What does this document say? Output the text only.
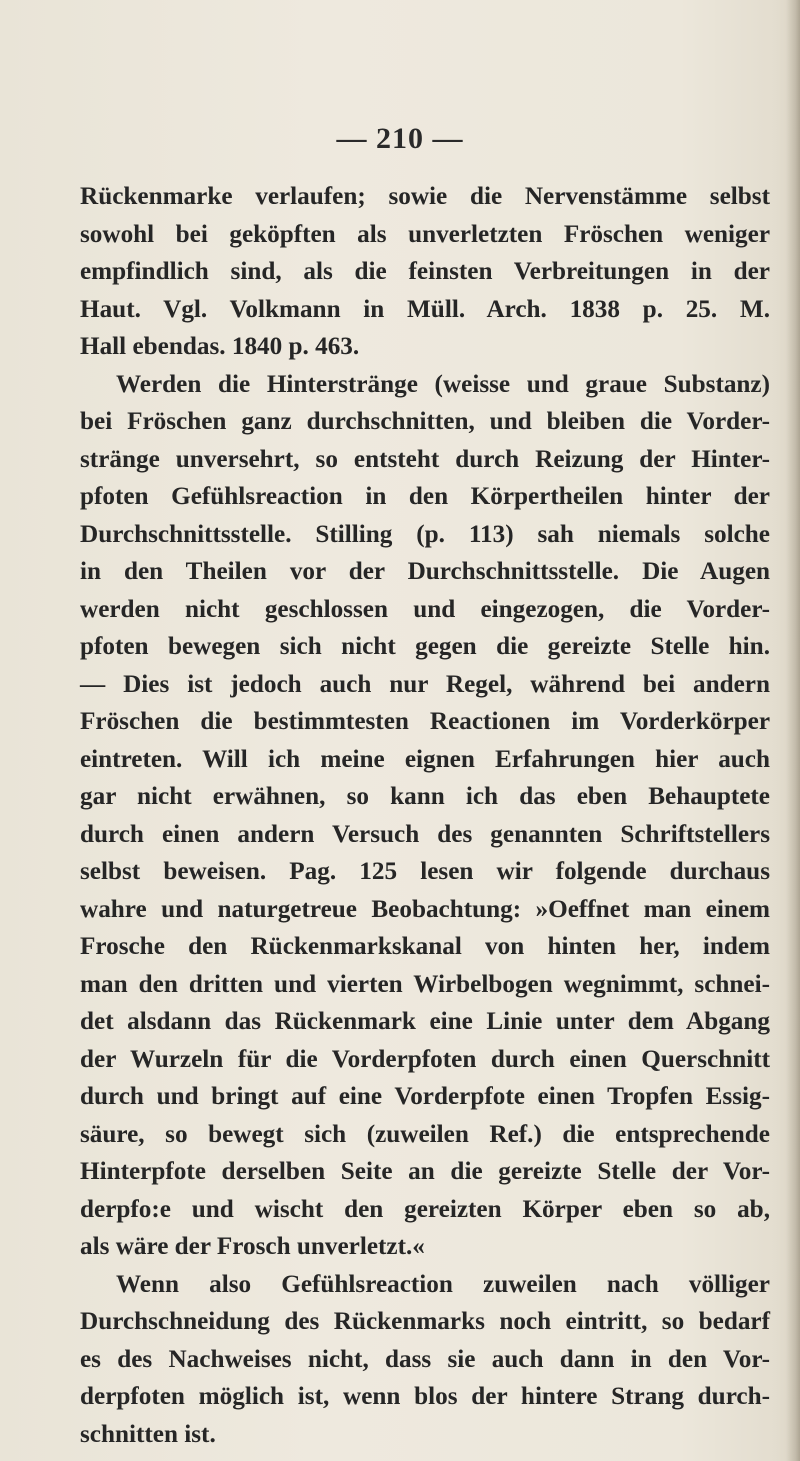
— 210 —
Rückenmarke verlaufen; sowie die Nervenstämme selbst
sowohl bei geköpften als unverletzten Fröschen weniger
empfindlich sind, als die feinsten Verbreitungen in der
Haut. Vgl. Volkmann in Müll. Arch. 1838 p. 25. M.
Hall ebendas. 1840 p. 463.
Werden die Hinterstränge (weisse und graue Substanz)
bei Fröschen ganz durchschnitten, und bleiben die Vorder-
stränge unversehrt, so entsteht durch Reizung der Hinter-
pfoten Gefühlsreaction in den Körpertheilen hinter der
Durchschnittsstelle. Stilling (p. 113) sah niemals solche
in den Theilen vor der Durchschnittsstelle. Die Augen
werden nicht geschlossen und eingezogen, die Vorder-
pfoten bewegen sich nicht gegen die gereizte Stelle hin.
— Dies ist jedoch auch nur Regel, während bei andern
Fröschen die bestimmtesten Reactionen im Vorderkörper
eintreten. Will ich meine eignen Erfahrungen hier auch
gar nicht erwähnen, so kann ich das eben Behauptete
durch einen andern Versuch des genannten Schriftstellers
selbst beweisen. Pag. 125 lesen wir folgende durchaus
wahre und naturgetreue Beobachtung: »Oeffnet man einem
Frosche den Rückenmarkskanal von hinten her, indem
man den dritten und vierten Wirbelbogen wegnimmt, schnei-
det alsdann das Rückenmark eine Linie unter dem Abgang
der Wurzeln für die Vorderpfoten durch einen Querschnitt
durch und bringt auf eine Vorderpfote einen Tropfen Essig-
säure, so bewegt sich (zuweilen Ref.) die entsprechende
Hinterpfote derselben Seite an die gereizte Stelle der Vor-
derpfo:e und wischt den gereizten Körper eben so ab,
als wäre der Frosch unverletzt.«
Wenn also Gefühlsreaction zuweilen nach völliger
Durchschneidung des Rückenmarks noch eintritt, so bedarf
es des Nachweises nicht, dass sie auch dann in den Vor-
derpfoten möglich ist, wenn blos der hintere Strang durch-
schnitten ist.
